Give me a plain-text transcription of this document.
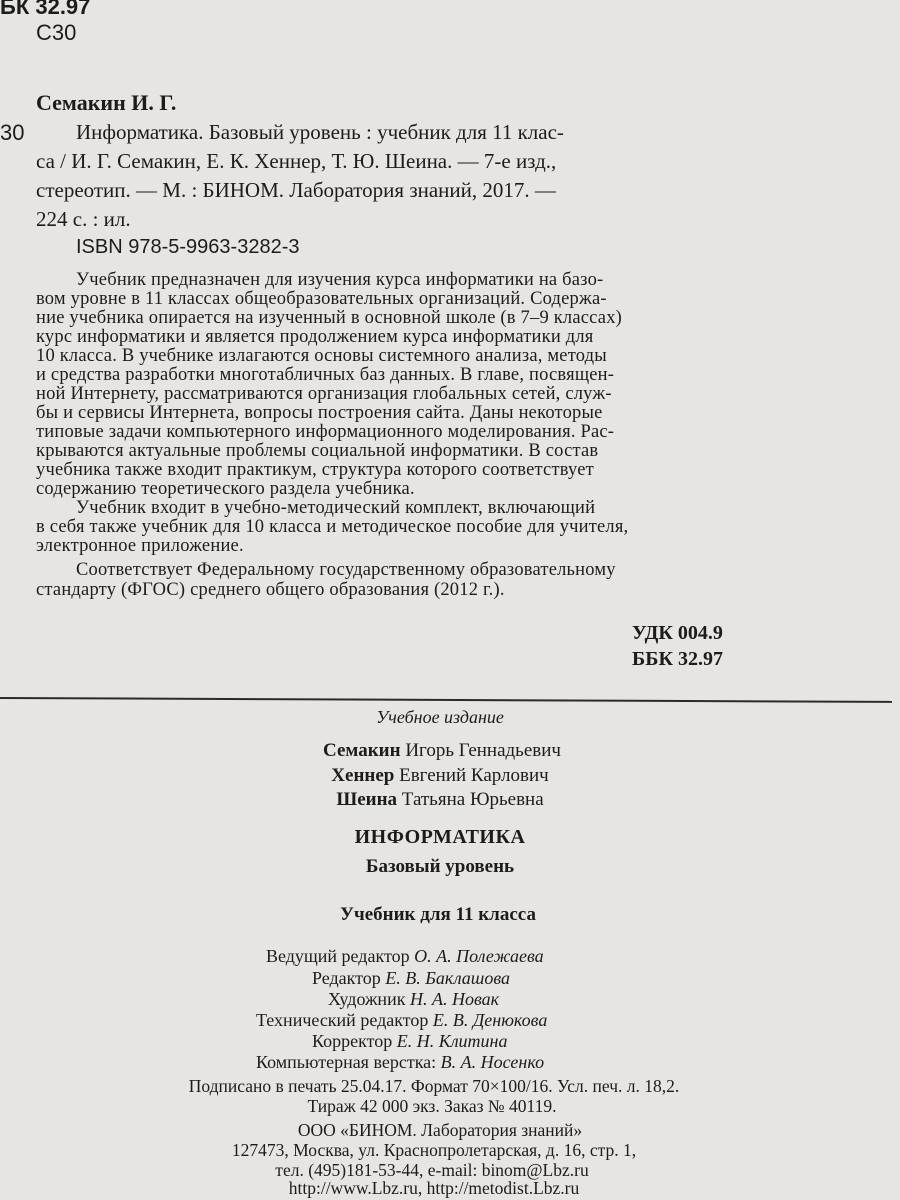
БК 32.97
С30
Семакин И. Г.
30 Информатика. Базовый уровень : учебник для 11 клас-
са / И. Г. Семакин, Е. К. Хеннер, Т. Ю. Шеина. — 7-е изд.,
стереотип. — М. : БИНОМ. Лаборатория знаний, 2017. —
224 с. : ил.
ISBN 978-5-9963-3282-3
Учебник предназначен для изучения курса информатики на базо-
вом уровне в 11 классах общеобразовательных организаций. Содержа-
ние учебника опирается на изученный в основной школе (в 7–9 классах)
курс информатики и является продолжением курса информатики для
10 класса. В учебнике излагаются основы системного анализа, методы
и средства разработки многотабличных баз данных. В главе, посвящен-
ной Интернету, рассматриваются организация глобальных сетей, служ-
бы и сервисы Интернета, вопросы построения сайта. Даны некоторые
типовые задачи компьютерного информационного моделирования. Рас-
крываются актуальные проблемы социальной информатики. В состав
учебника также входит практикум, структура которого соответствует
содержанию теоретического раздела учебника.
Учебник входит в учебно-методический комплект, включающий
в себя также учебник для 10 класса и методическое пособие для учителя,
электронное приложение.
Соответствует Федеральному государственному образовательному
стандарту (ФГОС) среднего общего образования (2012 г.).
УДК 004.9
ББК 32.97
Учебное издание
Семакин Игорь Геннадьевич
Хеннер Евгений Карлович
Шеина Татьяна Юрьевна
ИНФОРМАТИКА
Базовый уровень
Учебник для 11 класса
Ведущий редактор О. А. Полежаева
Редактор Е. В. Баклашова
Художник Н. А. Новак
Технический редактор Е. В. Денюкова
Корректор Е. Н. Клитина
Компьютерная верстка: В. А. Носенко
Подписано в печать 25.04.17. Формат 70×100/16. Усл. печ. л. 18,2.
Тираж 42 000 экз. Заказ № 40119.
ООО «БИНОМ. Лаборатория знаний»
127473, Москва, ул. Краснопролетарская, д. 16, стр. 1,
тел. (495)181-53-44, e-mail: binom@Lbz.ru
http://www.Lbz.ru, http://metodist.Lbz.ru
